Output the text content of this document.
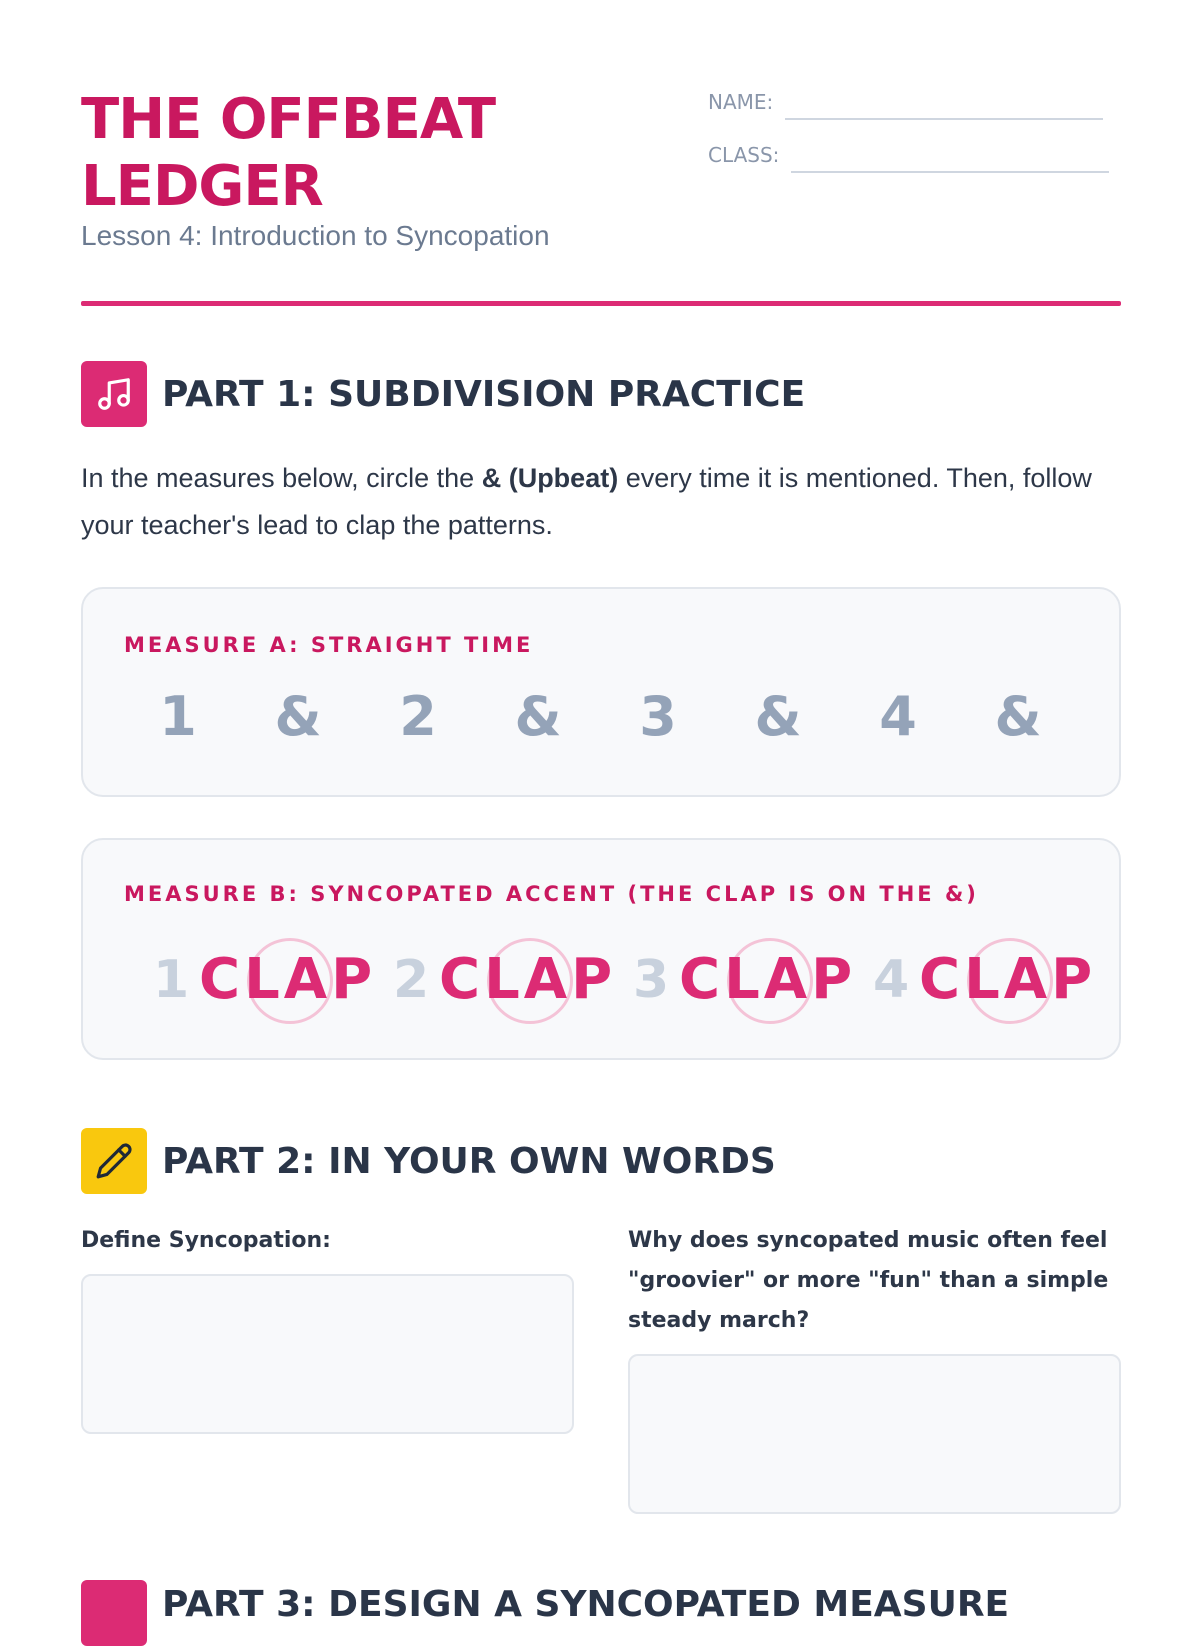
THE OFFBEAT LEDGER
Lesson 4: Introduction to Syncopation
NAME:
CLASS:
PART 1: SUBDIVISION PRACTICE

In the measures below, circle the & (Upbeat) every time it is mentioned. Then, follow your teacher's lead to clap the patterns.

MEASURE A: STRAIGHT TIME
1	&	2	&	3	&	4	&
MEASURE B: SYNCOPATED ACCENT (THE CLAP IS ON THE &)
1 CLAP 2 CLAP 3 CLAP 4 CLAP
PART 2: IN YOUR OWN WORDS
Define Syncopation:	Why does syncopated music often feel "groovier" or more "fun" than a simple steady march?
PART 3: DESIGN A SYNCOPATED MEASURE
